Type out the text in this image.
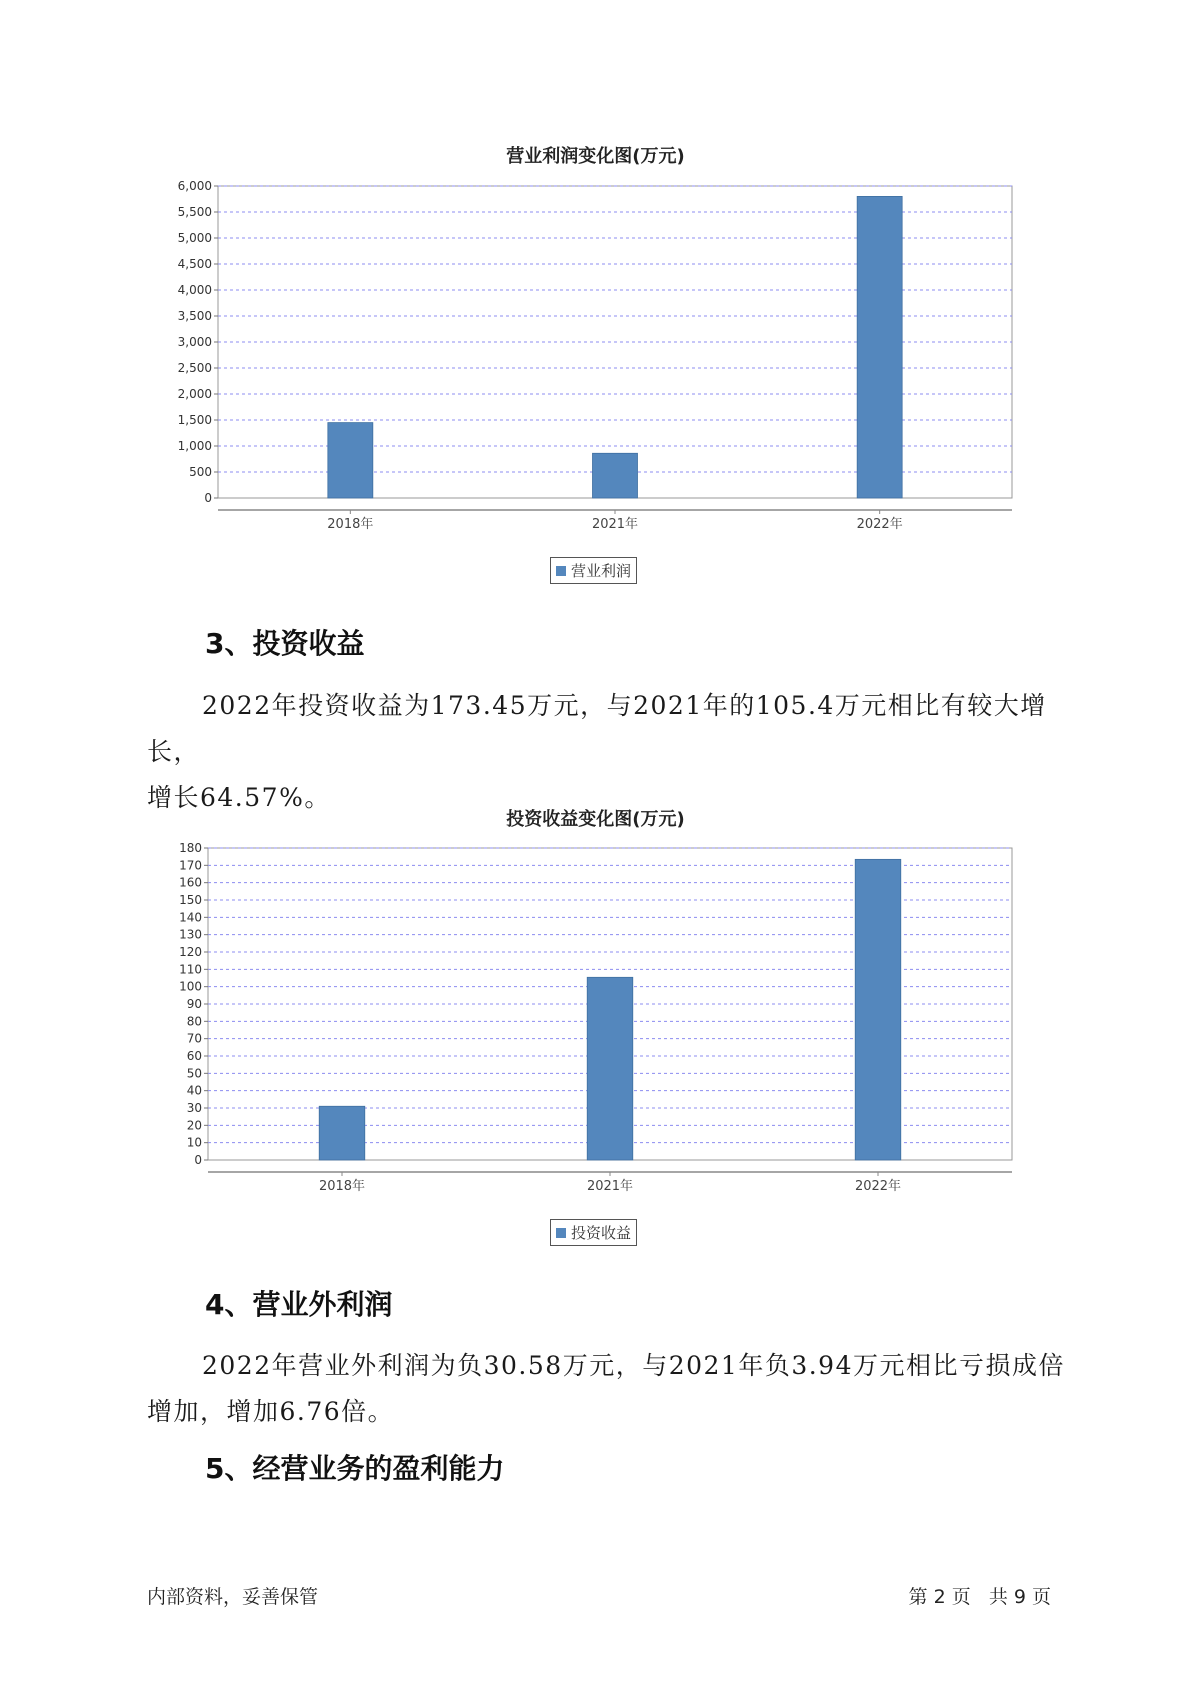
营业利润变化图(万元)
0
500
1,000
1,500
2,000
2,500
3,000
3,500
4,000
4,500
5,000
5,500
6,000
2018年	2021年	2022年
营业利润
3、投资收益

2022年投资收益为173.45万元，与2021年的105.4万元相比有较大增长，

增长64.57%。
投资收益变化图(万元)
0
10
20
30
40
50
60
70
80
90
100
110
120
130
140
150
160
170
180
2018年	2021年	2022年
投资收益
4、营业外利润

2022年营业外利润为负30.58万元，与2021年负3.94万元相比亏损成倍

增加，增加6.76倍。
5、经营业务的盈利能力
内部资料，妥善保管	第 2 页   共 9 页
